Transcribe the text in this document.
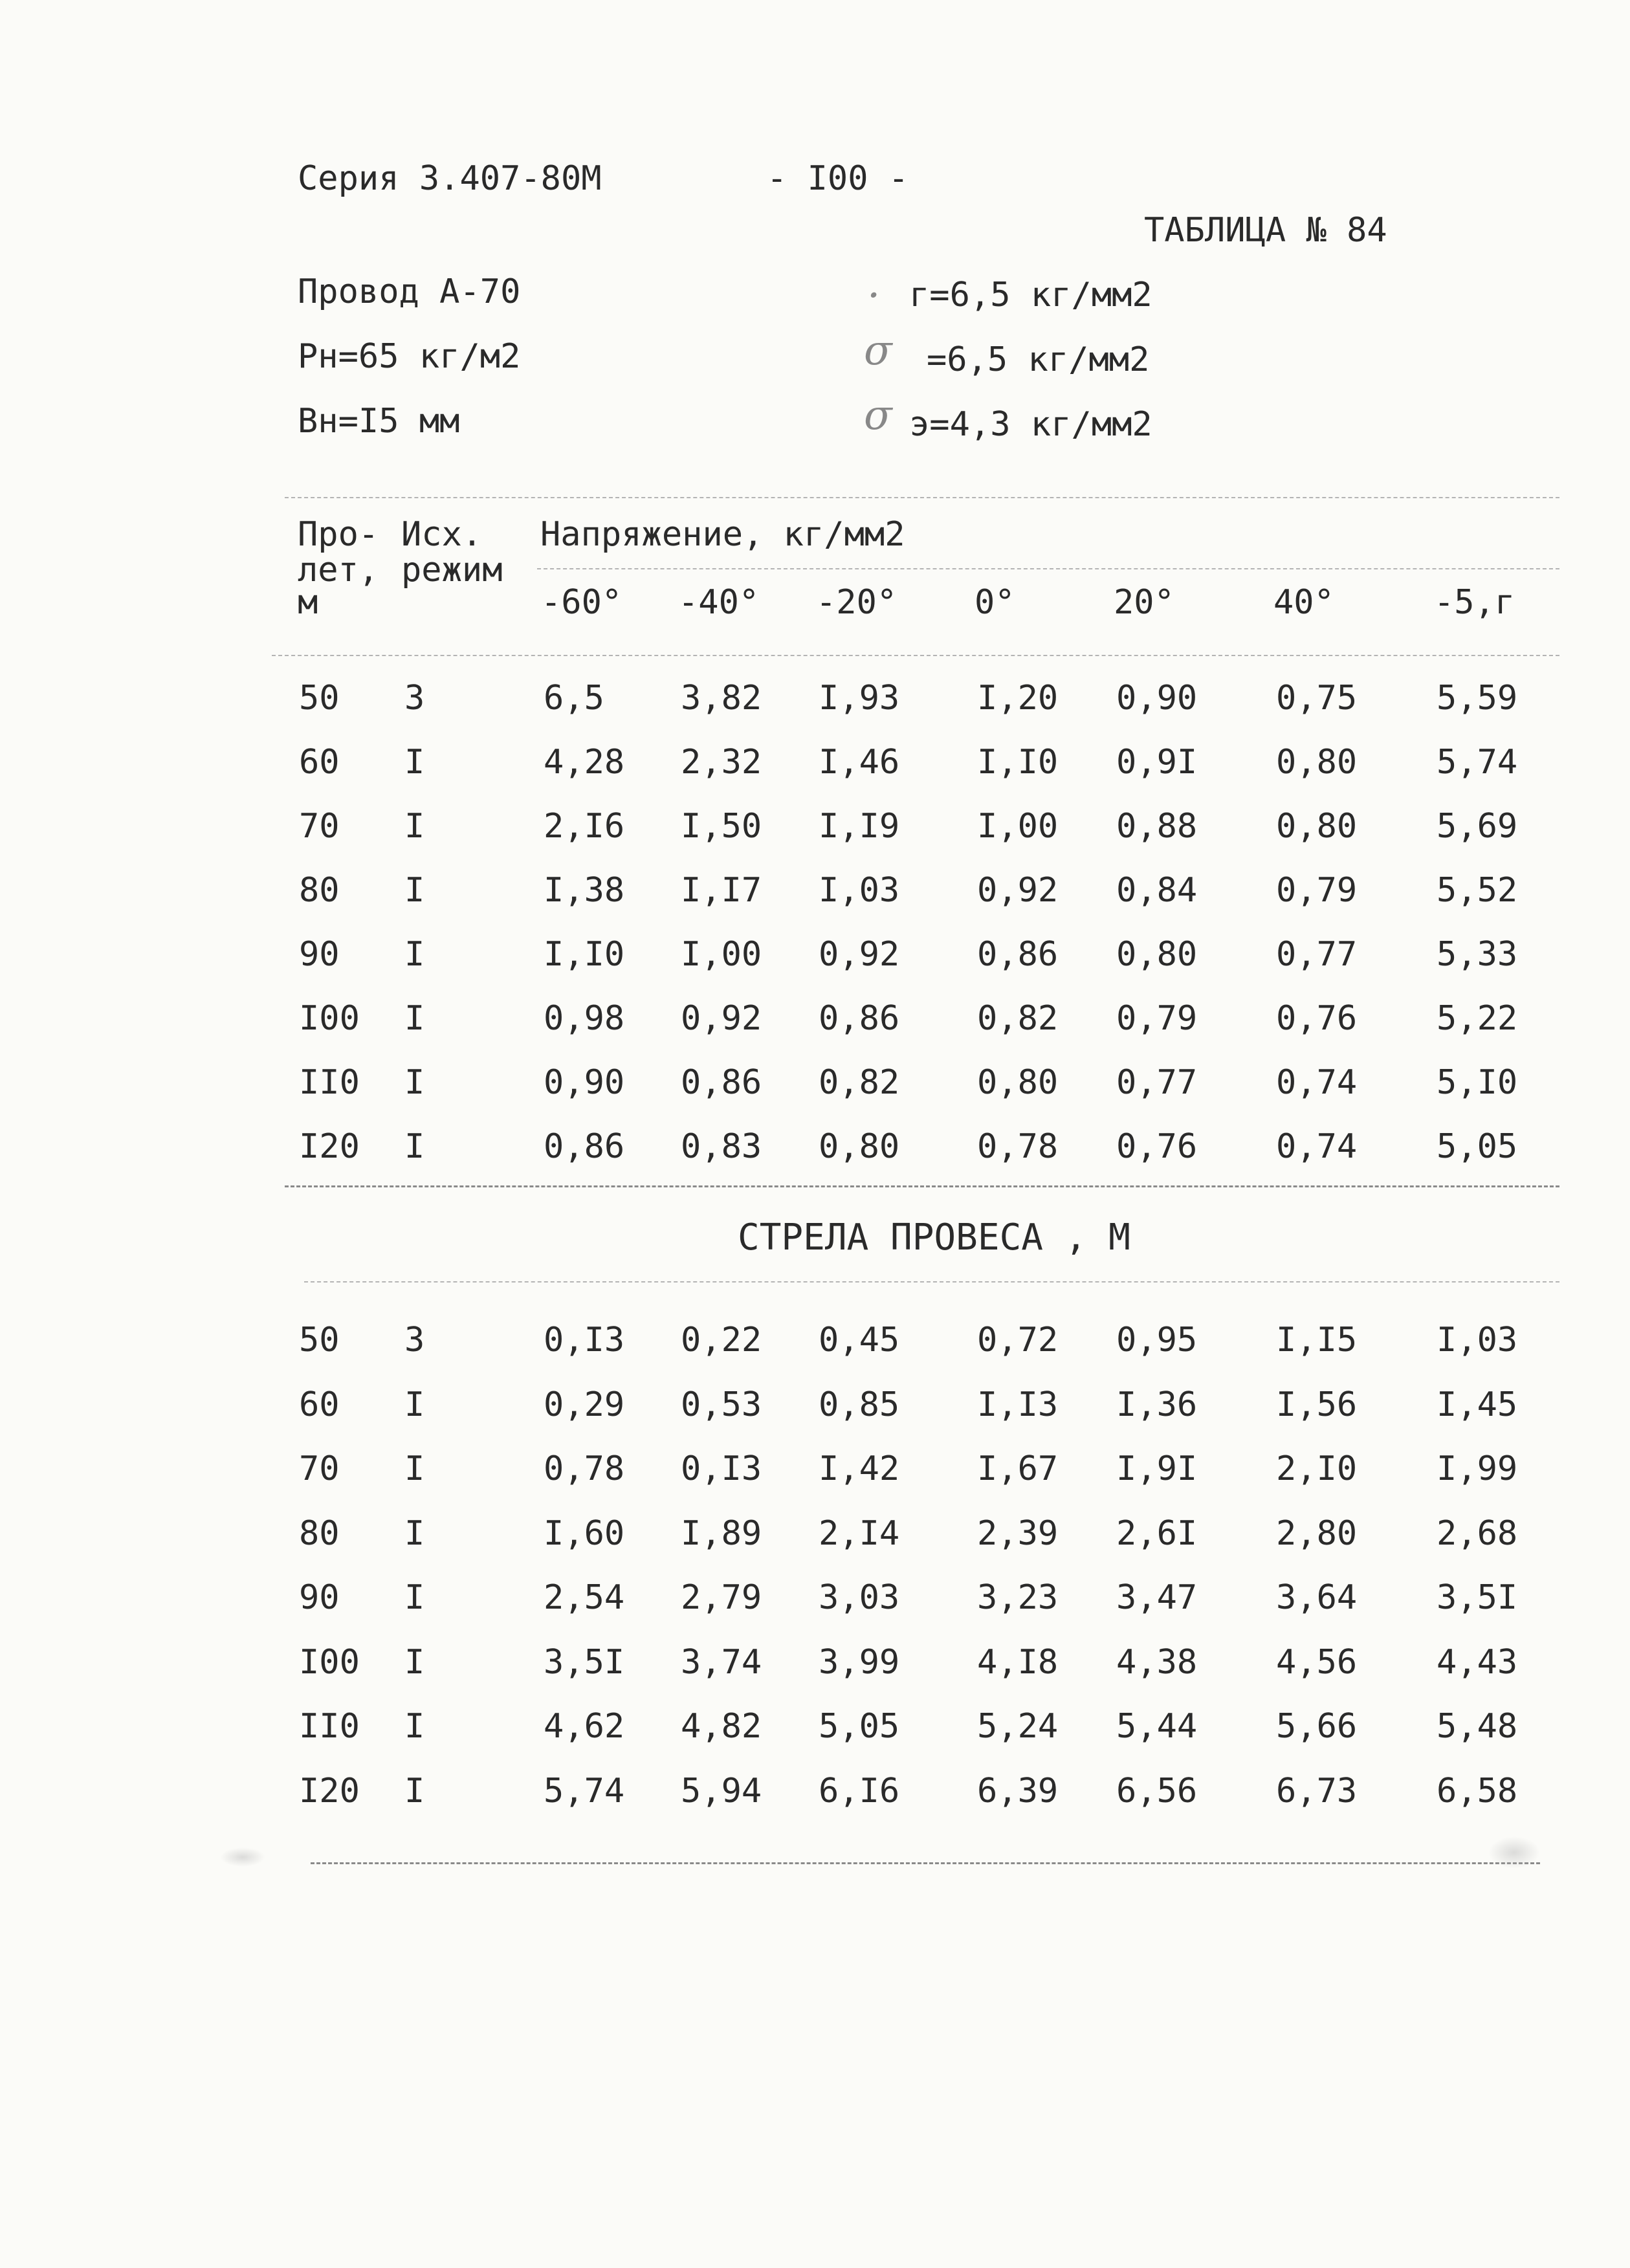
Серия 3.407-80М	- I00 -
ТАБЛИЦА № 84
Провод А-70
Рн=65 кг/м2
Вн=I5 мм
· г=6,5 кг/мм2
σ =6,5 кг/мм2
σ э=4,3 кг/мм2
Про-
лет,
м
Исх.
режим
Напряжение, кг/мм2
-60° -40° -20° 0°	20°	40°	-5,г
50 3	6,5 3,82 I,93 I,20 0,90 0,75 5,59
60 I	4,28 2,32 I,46 I,I0 0,9I 0,80 5,74
70 I	2,I6 I,50 I,I9 I,00 0,88 0,80 5,69
80 I	I,38 I,I7 I,03 0,92 0,84 0,79 5,52
90 I	I,I0 I,00 0,92 0,86 0,80 0,77 5,33
I00 I	0,98 0,92 0,86 0,82 0,79 0,76 5,22
II0 I	0,90 0,86 0,82 0,80 0,77 0,74 5,I0
I20 I	0,86 0,83 0,80 0,78 0,76 0,74 5,05
СТРЕЛА ПРОВЕСА , М
50 3	0,I3 0,22 0,45 0,72 0,95 I,I5 I,03
60 I	0,29 0,53 0,85 I,I3 I,36 I,56 I,45
70 I	0,78 0,I3 I,42 I,67 I,9I 2,I0 I,99
80 I	I,60 I,89 2,I4 2,39 2,6I 2,80 2,68
90 I	2,54 2,79 3,03 3,23 3,47 3,64 3,5I
I00 I	3,5I 3,74 3,99 4,I8 4,38 4,56 4,43
II0 I	4,62 4,82 5,05 5,24 5,44 5,66 5,48
I20 I	5,74 5,94 6,I6 6,39 6,56 6,73 6,58
